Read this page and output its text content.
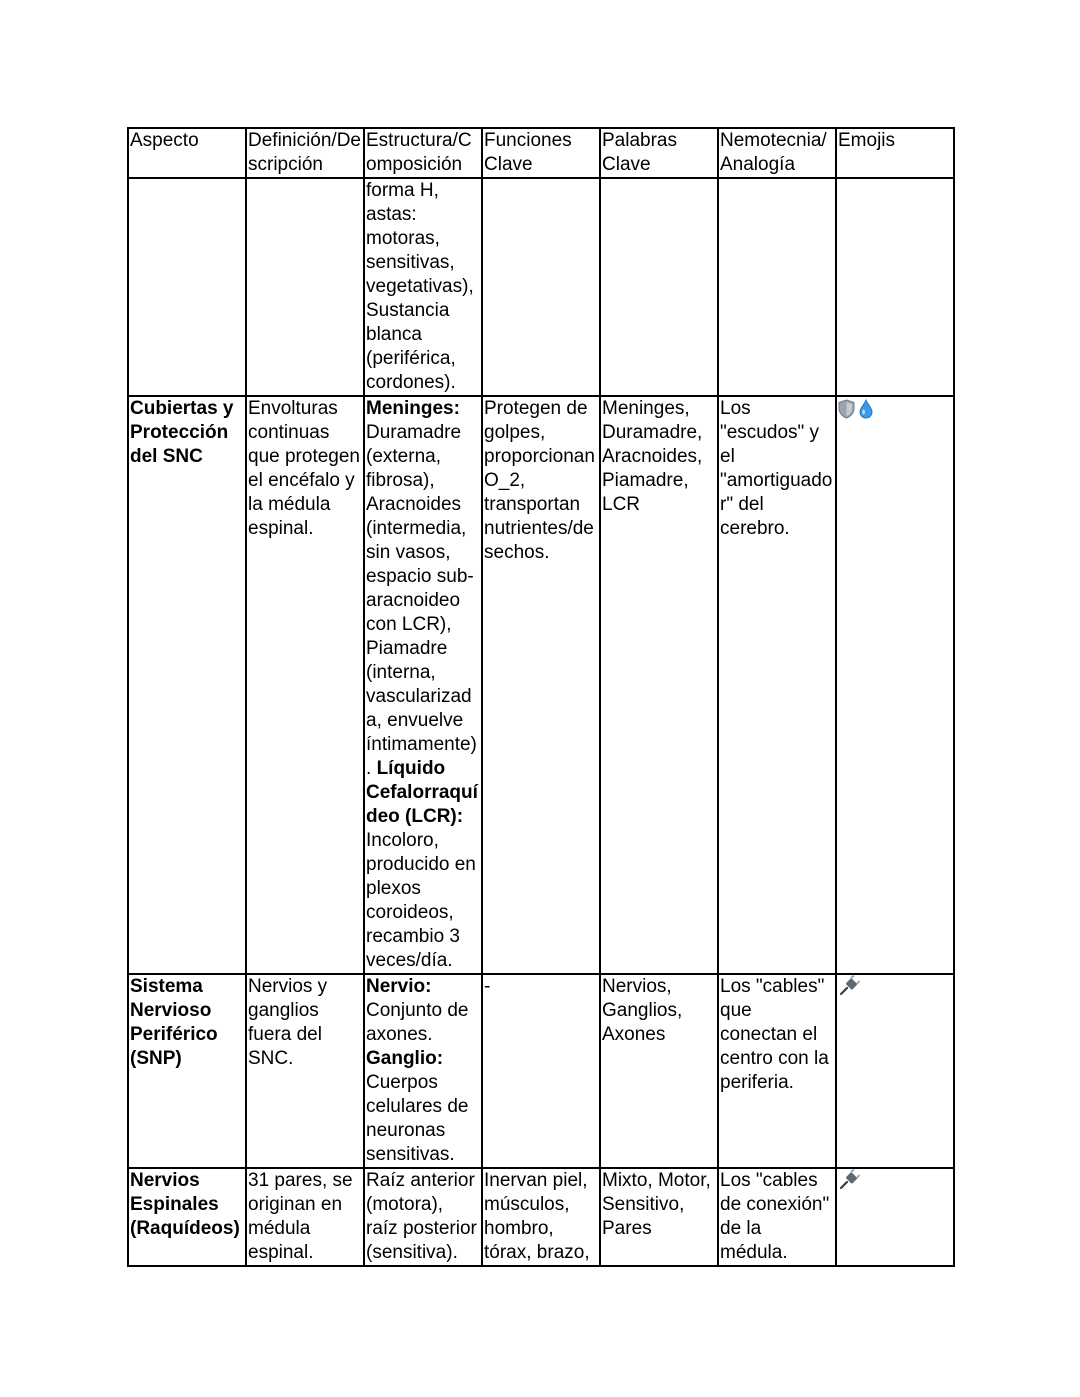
Aspecto	Definición/Descripción	Estructura/Composición	Funciones Clave	Palabras Clave	Nemotecnia/ Analogía	Emojis
		forma H, astas: motoras, sensitivas, vegetativas), Sustancia blanca (periférica, cordones).				
Cubiertas y Protección del SNC	Envolturas continuas que protegen el encéfalo y la médula espinal.	Meninges: Duramadre (externa, fibrosa), Aracnoides (intermedia, sin vasos, espacio sub-aracnoideo con LCR), Piamadre (interna, vascularizada, envuelve íntimamente). Líquido Cefalorraquídeo (LCR): Incoloro, producido en plexos coroideos, recambio 3 veces/día.	Protegen de golpes, proporcionan O_2, transportan nutrientes/desechos.	Meninges, Duramadre, Aracnoides, Piamadre, LCR	Los "escudos" y el "amortiguador" del cerebro.	
Sistema Nervioso Periférico (SNP)	Nervios y ganglios fuera del SNC.	Nervio: Conjunto de axones. Ganglio: Cuerpos celulares de neuronas sensitivas.	-	Nervios, Ganglios, Axones	Los "cables" que conectan el centro con la periferia.	
Nervios Espinales (Raquídeos)	31 pares, se originan en médula espinal.	Raíz anterior (motora), raíz posterior (sensitiva).	Inervan piel, músculos, hombro, tórax, brazo,	Mixto, Motor, Sensitivo, Pares	Los "cables de conexión" de la médula.	
